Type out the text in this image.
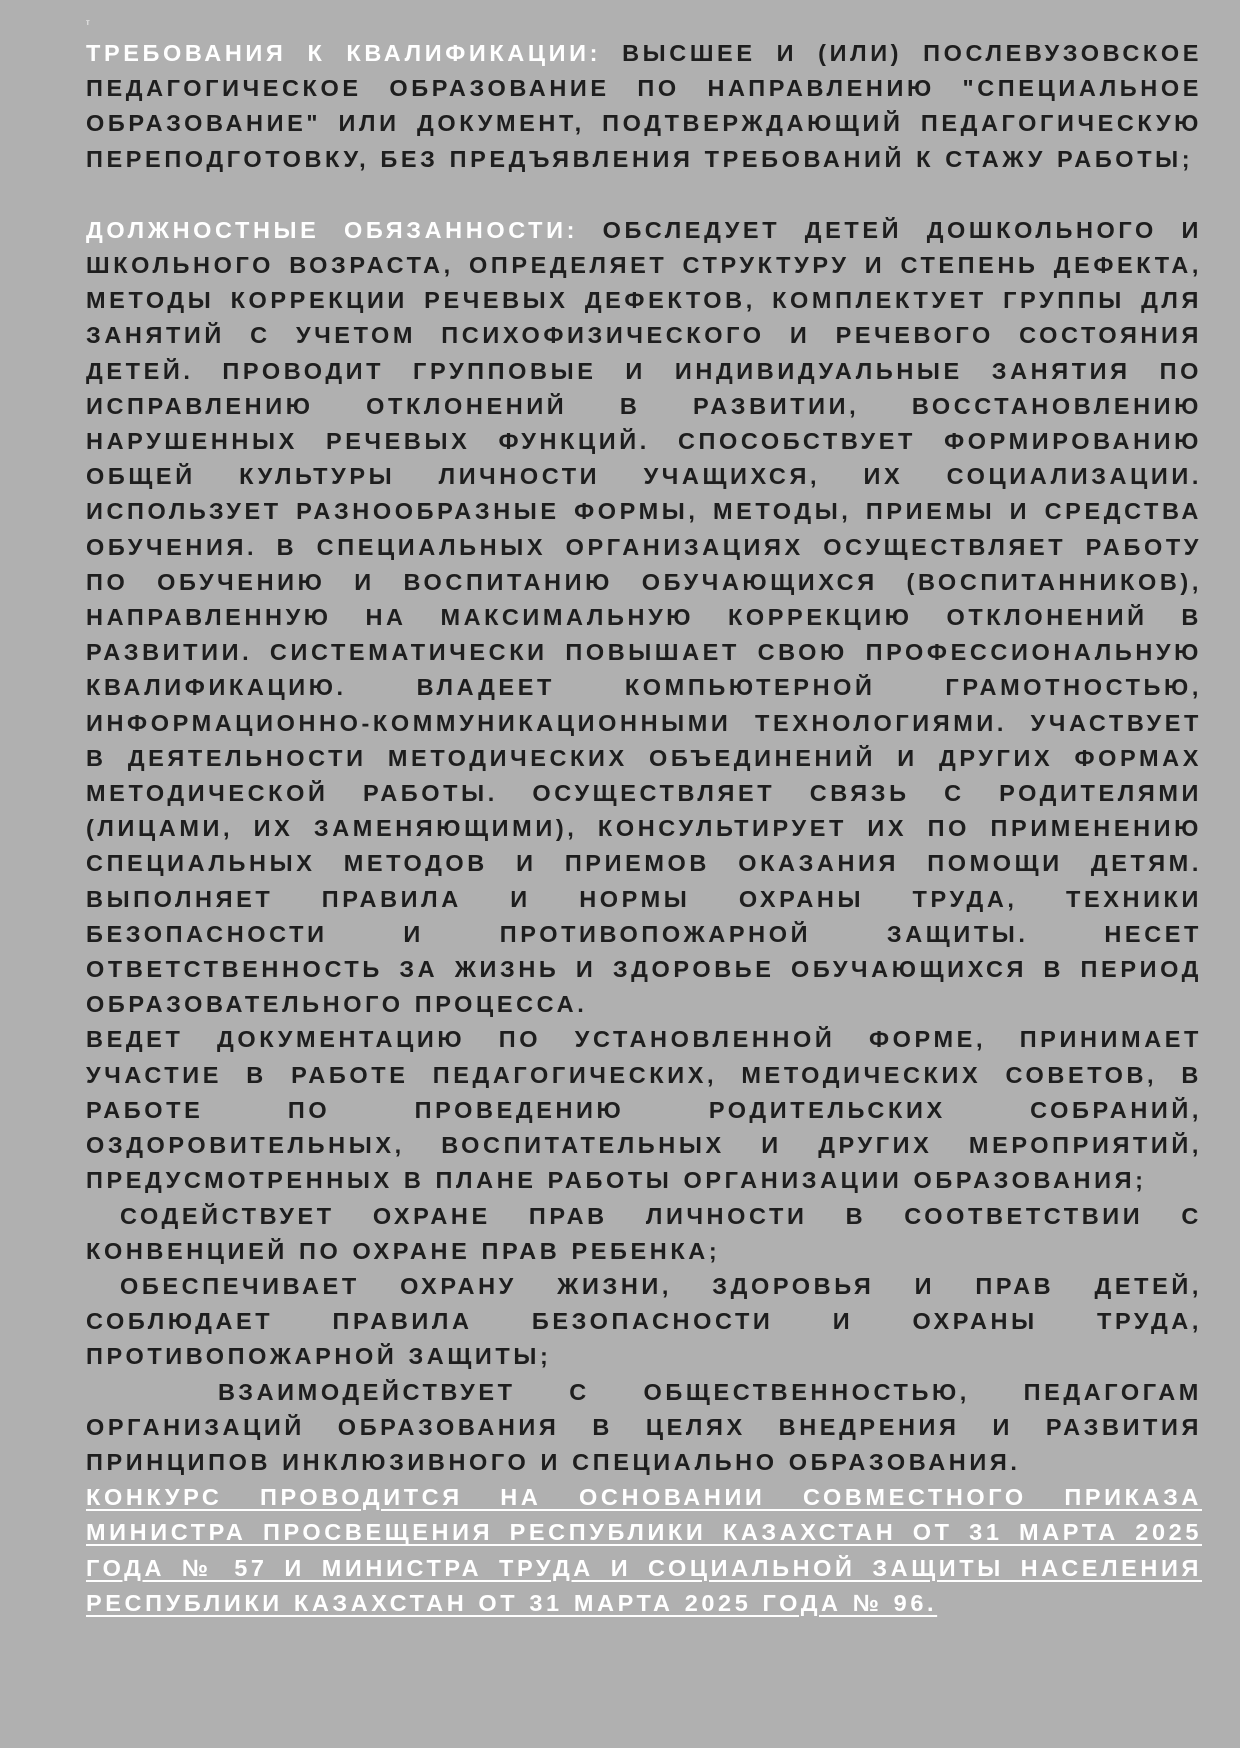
т

ТРЕБОВАНИЯ К КВАЛИФИКАЦИИ: ВЫСШЕЕ И (ИЛИ) ПОСЛЕВУЗОВСКОЕ ПЕДАГОГИЧЕСКОЕ ОБРАЗОВАНИЕ ПО НАПРАВЛЕНИЮ "СПЕЦИАЛЬНОЕ ОБРАЗОВАНИЕ" ИЛИ ДОКУМЕНТ, ПОДТВЕРЖДАЮЩИЙ ПЕДАГОГИЧЕСКУЮ ПЕРЕПОДГОТОВКУ, БЕЗ ПРЕДЪЯВЛЕНИЯ ТРЕБОВАНИЙ К СТАЖУ РАБОТЫ;

ДОЛЖНОСТНЫЕ ОБЯЗАННОСТИ: ОБСЛЕДУЕТ ДЕТЕЙ ДОШКОЛЬНОГО И ШКОЛЬНОГО ВОЗРАСТА, ОПРЕДЕЛЯЕТ СТРУКТУРУ И СТЕПЕНЬ ДЕФЕКТА, МЕТОДЫ КОРРЕКЦИИ РЕЧЕВЫХ ДЕФЕКТОВ, КОМПЛЕКТУЕТ ГРУППЫ ДЛЯ ЗАНЯТИЙ С УЧЕТОМ ПСИХОФИЗИЧЕСКОГО И РЕЧЕВОГО СОСТОЯНИЯ ДЕТЕЙ. ПРОВОДИТ ГРУППОВЫЕ И ИНДИВИДУАЛЬНЫЕ ЗАНЯТИЯ ПО ИСПРАВЛЕНИЮ ОТКЛОНЕНИЙ В РАЗВИТИИ, ВОССТАНОВЛЕНИЮ НАРУШЕННЫХ РЕЧЕВЫХ ФУНКЦИЙ. СПОСОБСТВУЕТ ФОРМИРОВАНИЮ ОБЩЕЙ КУЛЬТУРЫ ЛИЧНОСТИ УЧАЩИХСЯ, ИХ СОЦИАЛИЗАЦИИ. ИСПОЛЬЗУЕТ РАЗНООБРАЗНЫЕ ФОРМЫ, МЕТОДЫ, ПРИЕМЫ И СРЕДСТВА ОБУЧЕНИЯ. В СПЕЦИАЛЬНЫХ ОРГАНИЗАЦИЯХ ОСУЩЕСТВЛЯЕТ РАБОТУ ПО ОБУЧЕНИЮ И ВОСПИТАНИЮ ОБУЧАЮЩИХСЯ (ВОСПИТАННИКОВ), НАПРАВЛЕННУЮ НА МАКСИМАЛЬНУЮ КОРРЕКЦИЮ ОТКЛОНЕНИЙ В РАЗВИТИИ. СИСТЕМАТИЧЕСКИ ПОВЫШАЕТ СВОЮ ПРОФЕССИОНАЛЬНУЮ КВАЛИФИКАЦИЮ. ВЛАДЕЕТ КОМПЬЮТЕРНОЙ ГРАМОТНОСТЬЮ, ИНФОРМАЦИОННО-КОММУНИКАЦИОННЫМИ ТЕХНОЛОГИЯМИ. УЧАСТВУЕТ В ДЕЯТЕЛЬНОСТИ МЕТОДИЧЕСКИХ ОБЪЕДИНЕНИЙ И ДРУГИХ ФОРМАХ МЕТОДИЧЕСКОЙ РАБОТЫ. ОСУЩЕСТВЛЯЕТ СВЯЗЬ С РОДИТЕЛЯМИ (ЛИЦАМИ, ИХ ЗАМЕНЯЮЩИМИ), КОНСУЛЬТИРУЕТ ИХ ПО ПРИМЕНЕНИЮ СПЕЦИАЛЬНЫХ МЕТОДОВ И ПРИЕМОВ ОКАЗАНИЯ ПОМОЩИ ДЕТЯМ. ВЫПОЛНЯЕТ ПРАВИЛА И НОРМЫ ОХРАНЫ ТРУДА, ТЕХНИКИ БЕЗОПАСНОСТИ И ПРОТИВОПОЖАРНОЙ ЗАЩИТЫ. НЕСЕТ ОТВЕТСТВЕННОСТЬ ЗА ЖИЗНЬ И ЗДОРОВЬЕ ОБУЧАЮЩИХСЯ В ПЕРИОД ОБРАЗОВАТЕЛЬНОГО ПРОЦЕССА.

ВЕДЕТ ДОКУМЕНТАЦИЮ ПО УСТАНОВЛЕННОЙ ФОРМЕ, ПРИНИМАЕТ УЧАСТИЕ В РАБОТЕ ПЕДАГОГИЧЕСКИХ, МЕТОДИЧЕСКИХ СОВЕТОВ, В РАБОТЕ ПО ПРОВЕДЕНИЮ РОДИТЕЛЬСКИХ СОБРАНИЙ, ОЗДОРОВИТЕЛЬНЫХ, ВОСПИТАТЕЛЬНЫХ И ДРУГИХ МЕРОПРИЯТИЙ, ПРЕДУСМОТРЕННЫХ В ПЛАНЕ РАБОТЫ ОРГАНИЗАЦИИ ОБРАЗОВАНИЯ;

СОДЕЙСТВУЕТ ОХРАНЕ ПРАВ ЛИЧНОСТИ В СООТВЕТСТВИИ С КОНВЕНЦИЕЙ ПО ОХРАНЕ ПРАВ РЕБЕНКА;

ОБЕСПЕЧИВАЕТ ОХРАНУ ЖИЗНИ, ЗДОРОВЬЯ И ПРАВ ДЕТЕЙ, СОБЛЮДАЕТ ПРАВИЛА БЕЗОПАСНОСТИ И ОХРАНЫ ТРУДА, ПРОТИВОПОЖАРНОЙ ЗАЩИТЫ;

ВЗАИМОДЕЙСТВУЕТ С ОБЩЕСТВЕННОСТЬЮ, ПЕДАГОГАМ ОРГАНИЗАЦИЙ ОБРАЗОВАНИЯ В ЦЕЛЯХ ВНЕДРЕНИЯ И РАЗВИТИЯ ПРИНЦИПОВ ИНКЛЮЗИВНОГО И СПЕЦИАЛЬНО ОБРАЗОВАНИЯ.

КОНКУРС ПРОВОДИТСЯ НА ОСНОВАНИИ СОВМЕСТНОГО ПРИКАЗА МИНИСТРА ПРОСВЕЩЕНИЯ РЕСПУБЛИКИ КАЗАХСТАН ОТ 31 МАРТА 2025 ГОДА № 57 И МИНИСТРА ТРУДА И СОЦИАЛЬНОЙ ЗАЩИТЫ НАСЕЛЕНИЯ РЕСПУБЛИКИ КАЗАХСТАН ОТ 31 МАРТА 2025 ГОДА № 96.
